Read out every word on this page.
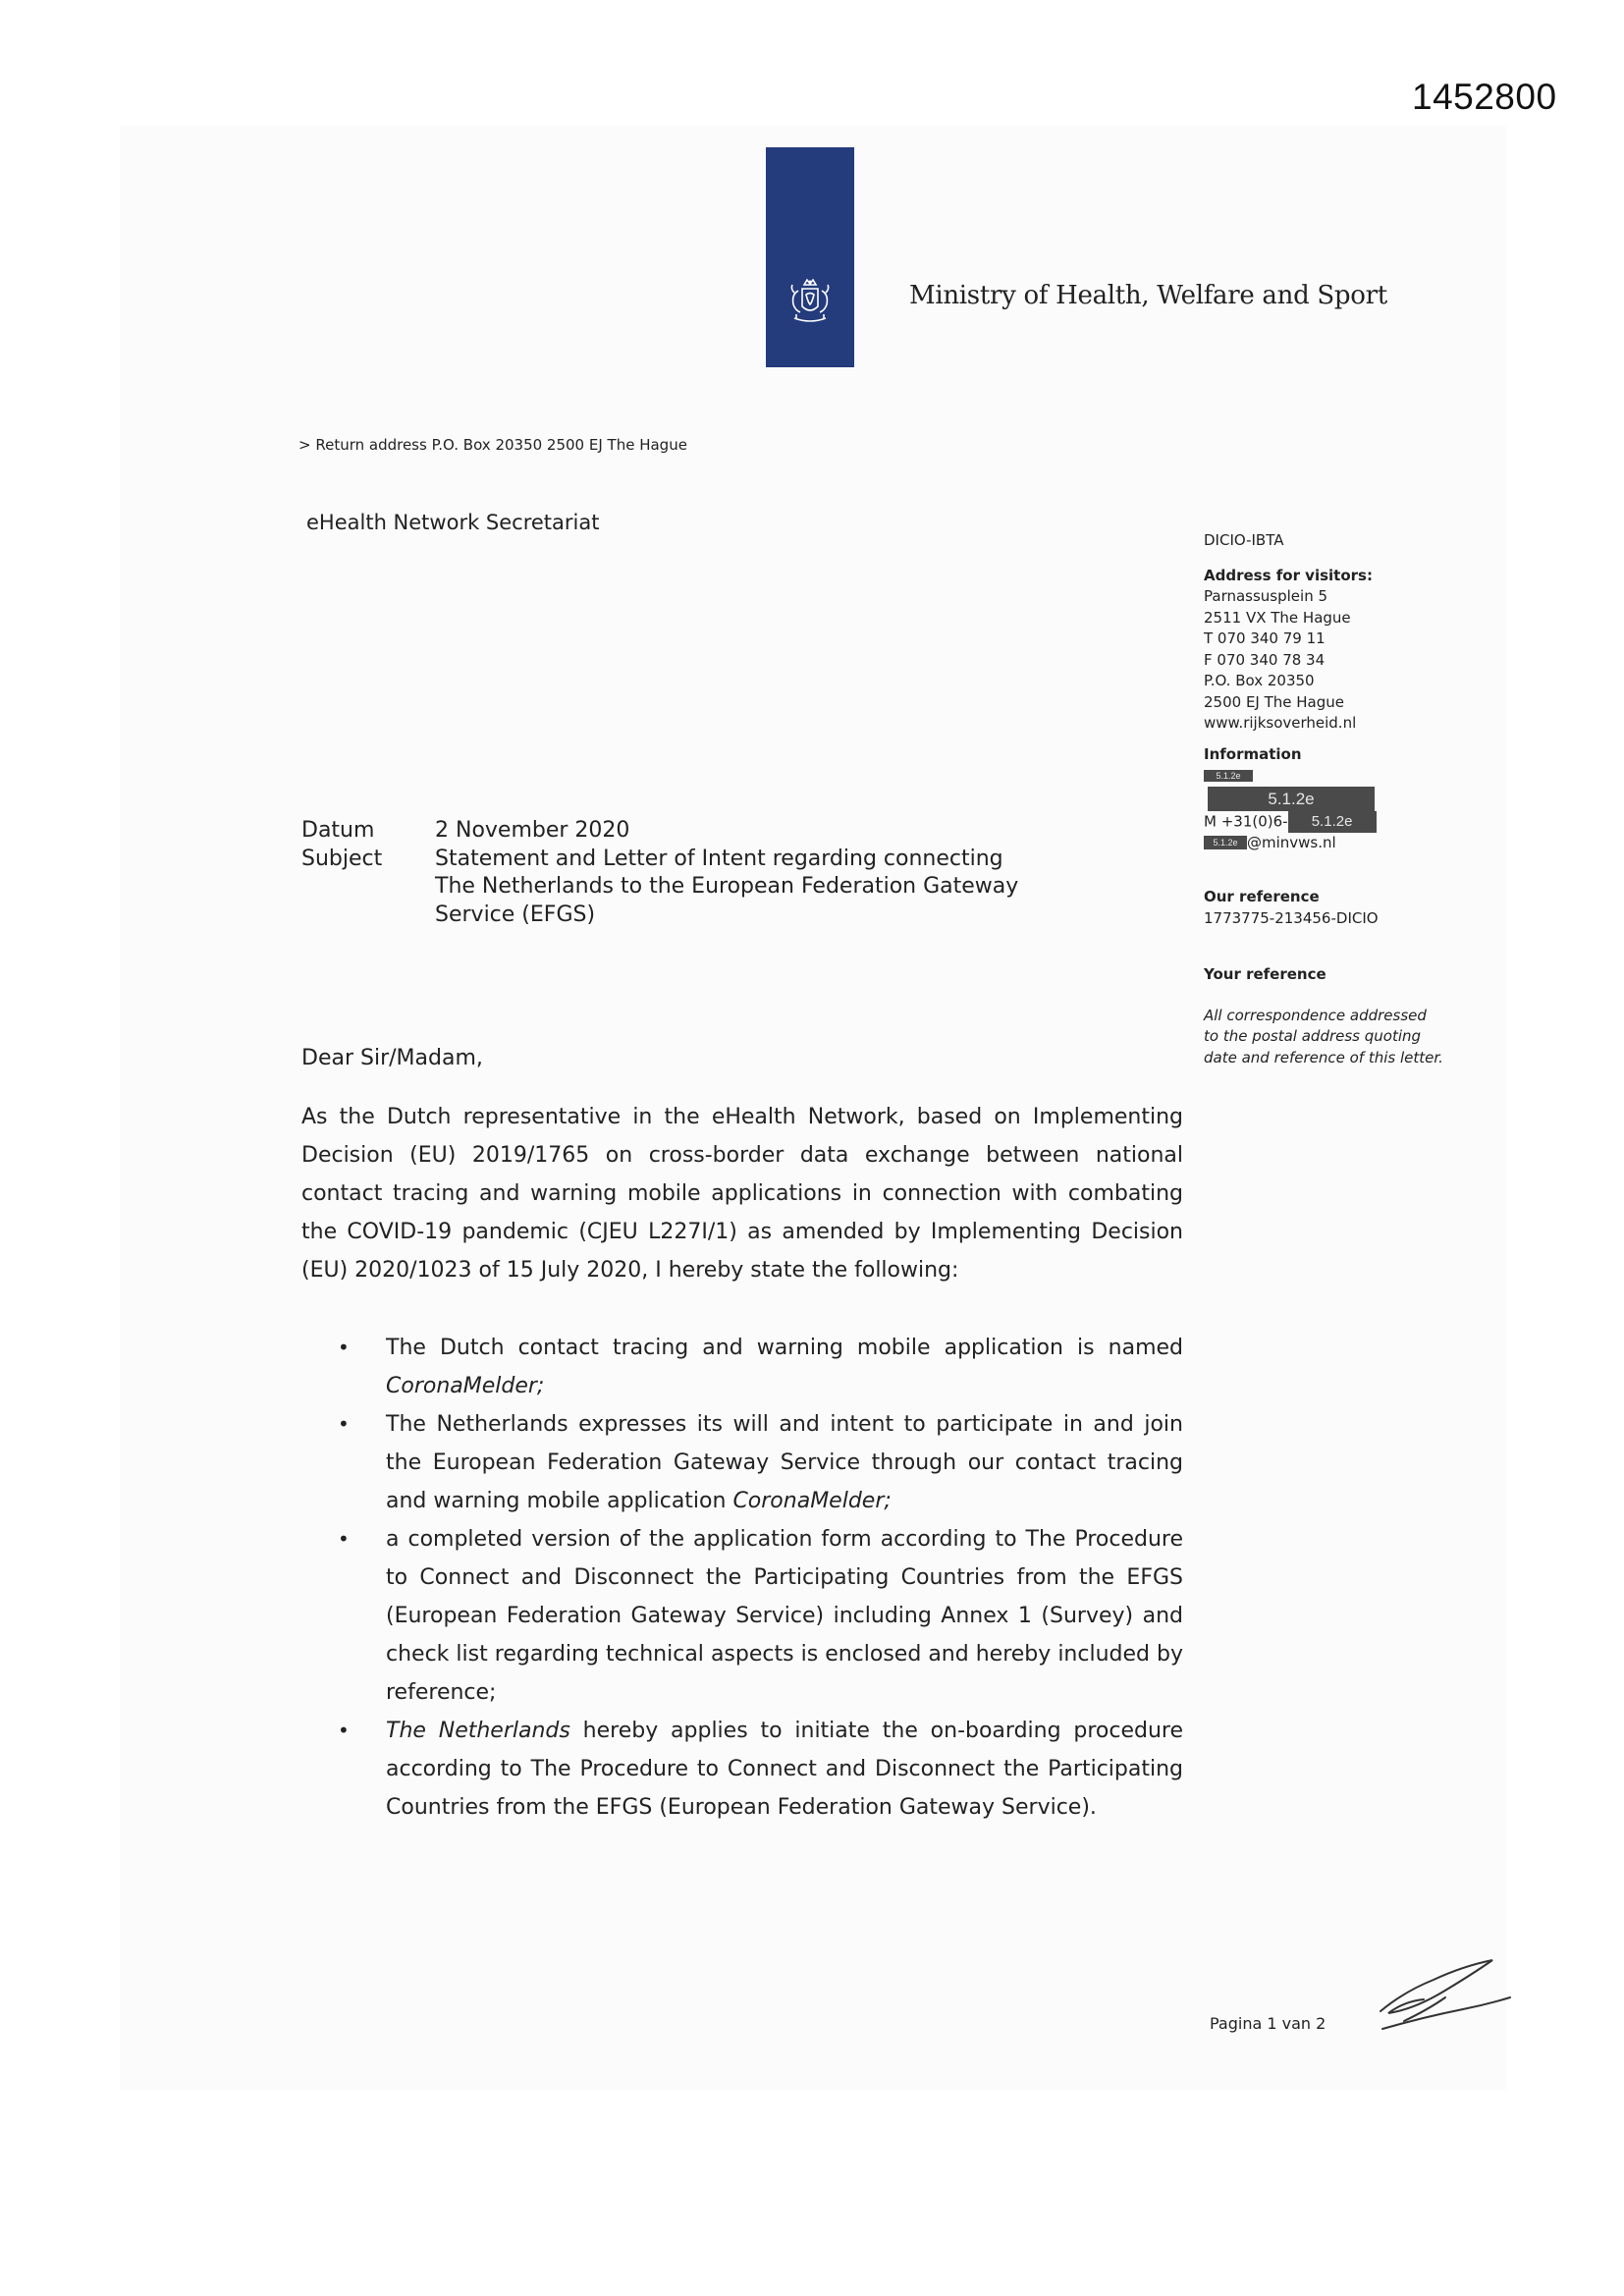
1452800
Ministry of Health, Welfare and Sport
> Return address P.O. Box 20350 2500 EJ The Hague
eHealth Network Secretariat
DICIO-IBTA
Address for visitors:
Parnassusplein 5
2511 VX The Hague
T 070 340 79 11
F 070 340 78 34
P.O. Box 20350
2500 EJ The Hague
www.rijksoverheid.nl
Information
5.1.2e
5.1.2e
M +31(0)6- 5.1.2e
5.1.2e @minvws.nl
Our reference
1773775-213456-DICIO
Your reference
All correspondence addressed to the postal address quoting date and reference of this letter.
Datum	2 November 2020
Subject	Statement and Letter of Intent regarding connecting
The Netherlands to the European Federation Gateway
Service (EFGS)
Dear Sir/Madam,
As the Dutch representative in the eHealth Network, based on Implementing Decision (EU) 2019/1765 on cross-border data exchange between national contact tracing and warning mobile applications in connection with combating the COVID-19 pandemic (CJEU L227I/1) as amended by Implementing Decision (EU) 2020/1023 of 15 July 2020, I hereby state the following:
• The Dutch contact tracing and warning mobile application is named CoronaMelder;
• The Netherlands expresses its will and intent to participate in and join the European Federation Gateway Service through our contact tracing and warning mobile application CoronaMelder;
• a completed version of the application form according to The Procedure to Connect and Disconnect the Participating Countries from the EFGS (European Federation Gateway Service) including Annex 1 (Survey) and check list regarding technical aspects is enclosed and hereby included by reference;
• The Netherlands hereby applies to initiate the on-boarding procedure according to The Procedure to Connect and Disconnect the Participating Countries from the EFGS (European Federation Gateway Service).
Pagina 1 van 2
